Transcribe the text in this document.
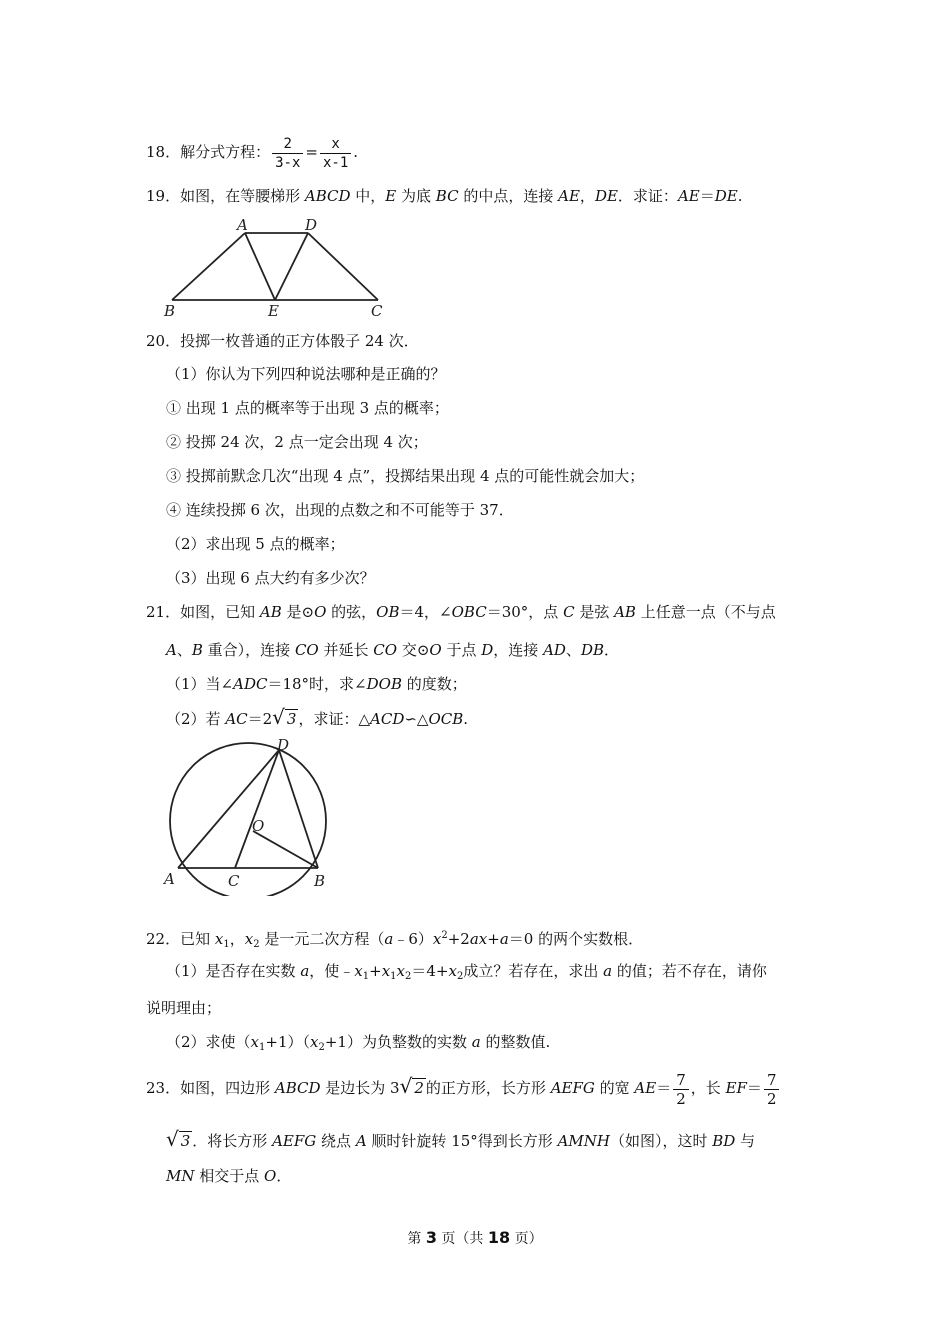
18．解分式方程： $\frac{2}{3-x} = \frac{x}{x-1}$ .
19．如图，在等腰梯形 ABCD 中，E 为底 BC 的中点，连接 AE，DE．求证：AE＝DE.
A	D
B	E	C
20．投掷一枚普通的正方体骰子 24 次．
（1）你认为下列四种说法哪种是正确的？
① 出现 1 点的概率等于出现 3 点的概率；
② 投掷 24 次，2 点一定会出现 4 次；
③ 投掷前默念几次“出现 4 点”，投掷结果出现 4 点的可能性就会加大；
④ 连续投掷 6 次，出现的点数之和不可能等于 37．
（2）求出现 5 点的概率；
（3）出现 6 点大约有多少次？
21．如图，已知 AB 是⊙O 的弦，OB＝4，∠OBC＝30°，点 C 是弦 AB 上任意一点（不与点
A、B 重合），连接 CO 并延长 CO 交⊙O 于点 D，连接 AD、DB．
（1）当∠ADC＝18°时，求∠DOB 的度数；
（2）若 AC＝2√ 3 ，求证：△ACD∽△OCB.
D
O
A	C	B
22．已知 $x_1$，$x_2$ 是一元二次方程$(a﹣6)x^2+2ax+a=0$ 的两个实数根．
（1）是否存在实数 a，使$﹣x_1+x_1x_2=4+x_2$成立？若存在，求出 a 的值；若不存在，请你
说明理由；
（2）求使$(x_1+1)(x_2+1)$为负整数的实数 a 的整数值.
23．如图，四边形 ABCD 是边长为 3√ 2 的正方形，长方形 AEFG 的宽 $AE= \frac{7}{2}$ ，长 $EF= \frac{7}{2}$
√ 3 ．将长方形 AEFG 绕点 A 顺时针旋转 15°得到长方形 AMNH（如图），这时 BD 与
MN 相交于点 O．
第 3 页（共 18 页）
